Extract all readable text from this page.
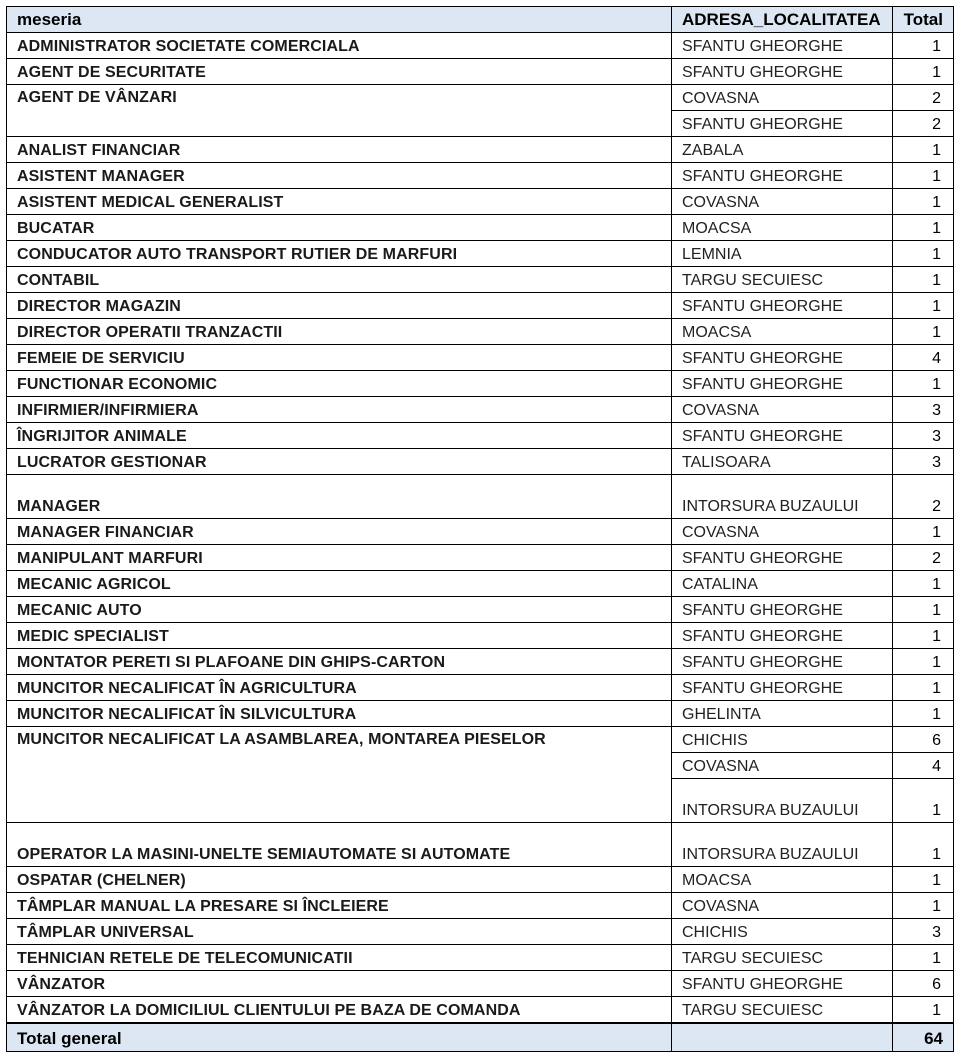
meseria	ADRESA_LOCALITATEA	Total
ADMINISTRATOR SOCIETATE COMERCIALA	SFANTU GHEORGHE	1
AGENT DE SECURITATE	SFANTU GHEORGHE	1
AGENT DE VÂNZARI	COVASNA	2
	SFANTU GHEORGHE	2
ANALIST FINANCIAR	ZABALA	1
ASISTENT MANAGER	SFANTU GHEORGHE	1
ASISTENT MEDICAL GENERALIST	COVASNA	1
BUCATAR	MOACSA	1
CONDUCATOR AUTO TRANSPORT RUTIER DE MARFURI	LEMNIA	1
CONTABIL	TARGU SECUIESC	1
DIRECTOR MAGAZIN	SFANTU GHEORGHE	1
DIRECTOR OPERATII TRANZACTII	MOACSA	1
FEMEIE DE SERVICIU	SFANTU GHEORGHE	4
FUNCTIONAR ECONOMIC	SFANTU GHEORGHE	1
INFIRMIER/INFIRMIERA	COVASNA	3
ÎNGRIJITOR ANIMALE	SFANTU GHEORGHE	3
LUCRATOR GESTIONAR	TALISOARA	3
MANAGER	INTORSURA BUZAULUI	2
MANAGER FINANCIAR	COVASNA	1
MANIPULANT MARFURI	SFANTU GHEORGHE	2
MECANIC AGRICOL	CATALINA	1
MECANIC AUTO	SFANTU GHEORGHE	1
MEDIC SPECIALIST	SFANTU GHEORGHE	1
MONTATOR PERETI SI PLAFOANE DIN GHIPS-CARTON	SFANTU GHEORGHE	1
MUNCITOR NECALIFICAT ÎN AGRICULTURA	SFANTU GHEORGHE	1
MUNCITOR NECALIFICAT ÎN SILVICULTURA	GHELINTA	1
MUNCITOR NECALIFICAT LA ASAMBLAREA, MONTAREA PIESELOR	CHICHIS	6
	COVASNA	4
	INTORSURA BUZAULUI	1
OPERATOR LA MASINI-UNELTE SEMIAUTOMATE SI AUTOMATE	INTORSURA BUZAULUI	1
OSPATAR (CHELNER)	MOACSA	1
TÂMPLAR MANUAL LA PRESARE SI ÎNCLEIERE	COVASNA	1
TÂMPLAR UNIVERSAL	CHICHIS	3
TEHNICIAN RETELE DE TELECOMUNICATII	TARGU SECUIESC	1
VÂNZATOR	SFANTU GHEORGHE	6
VÂNZATOR LA DOMICILIUL CLIENTULUI PE BAZA DE COMANDA	TARGU SECUIESC	1
Total general		64
